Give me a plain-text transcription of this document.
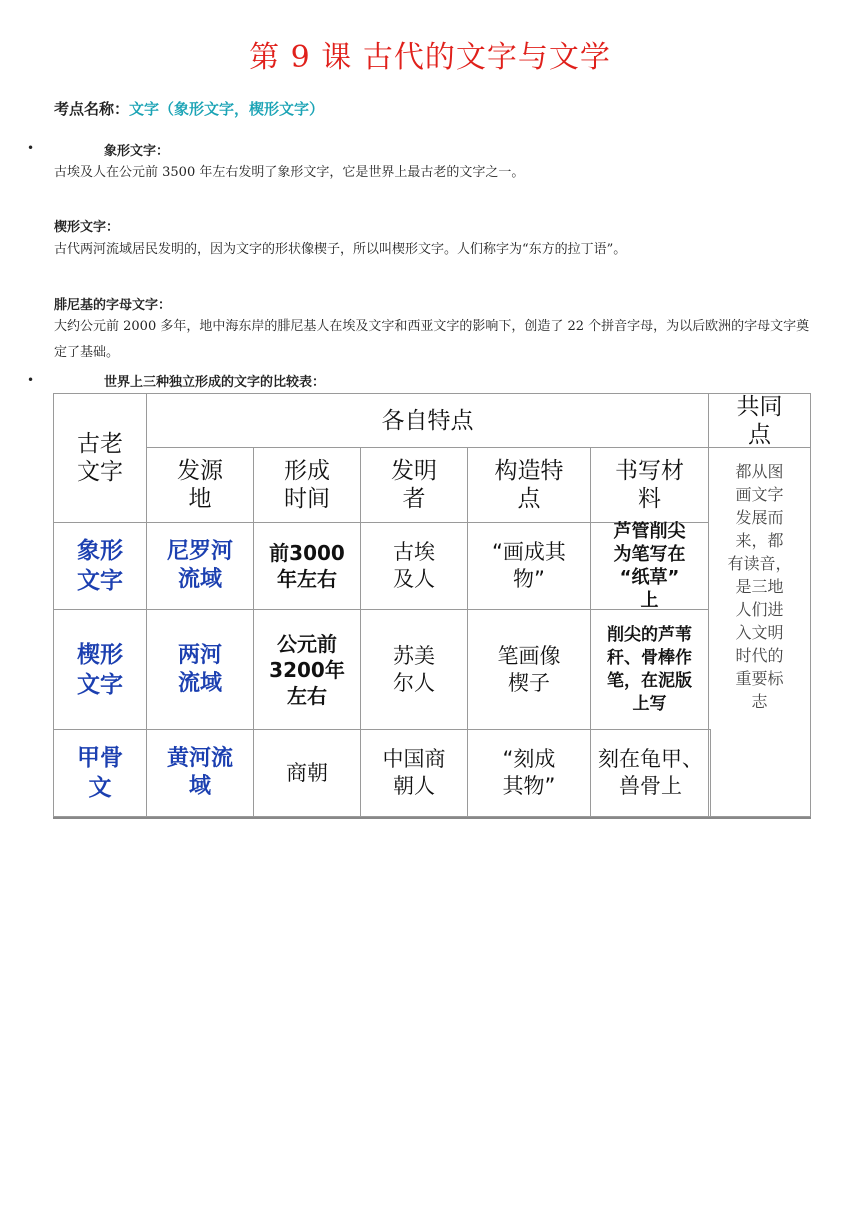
第 9 课 古代的文字与文学
考点名称：文字（象形文字，楔形文字）
•	象形文字：
古埃及人在公元前 3500 年左右发明了象形文字，它是世界上最古老的文字之一。
楔形文字：
古代两河流域居民发明的，因为文字的形状像楔子，所以叫楔形文字。人们称字为“东方的拉丁语”。
腓尼基的字母文字：
大约公元前 2000 多年，地中海东岸的腓尼基人在埃及文字和西亚文字的影响下，创造了 22 个拼音字母，为以后欧洲的字母文字奠定了基础。
•	世界上三种独立形成的文字的比较表：
古老
文字
各自特点
共同
点
发源
地
形成
时间
发明
者
构造特
点
书写材
料
象形
文字
尼罗河
流域
前3000
年左右
古埃
及人
“画成其
物”
芦管削尖
为笔写在
“纸草”
上
楔形
文字
两河
流域
公元前
3200年
左右
苏美
尔人
笔画像
楔子
削尖的芦苇
秆、骨棒作
笔，在泥版
上写
甲骨
文
黄河流
域
商朝
中国商
朝人
“刻成
其物”
刻在龟甲、
兽骨上
都从图
画文字
发展而
来，都
有读音，
是三地
人们进
入文明
时代的
重要标
志
